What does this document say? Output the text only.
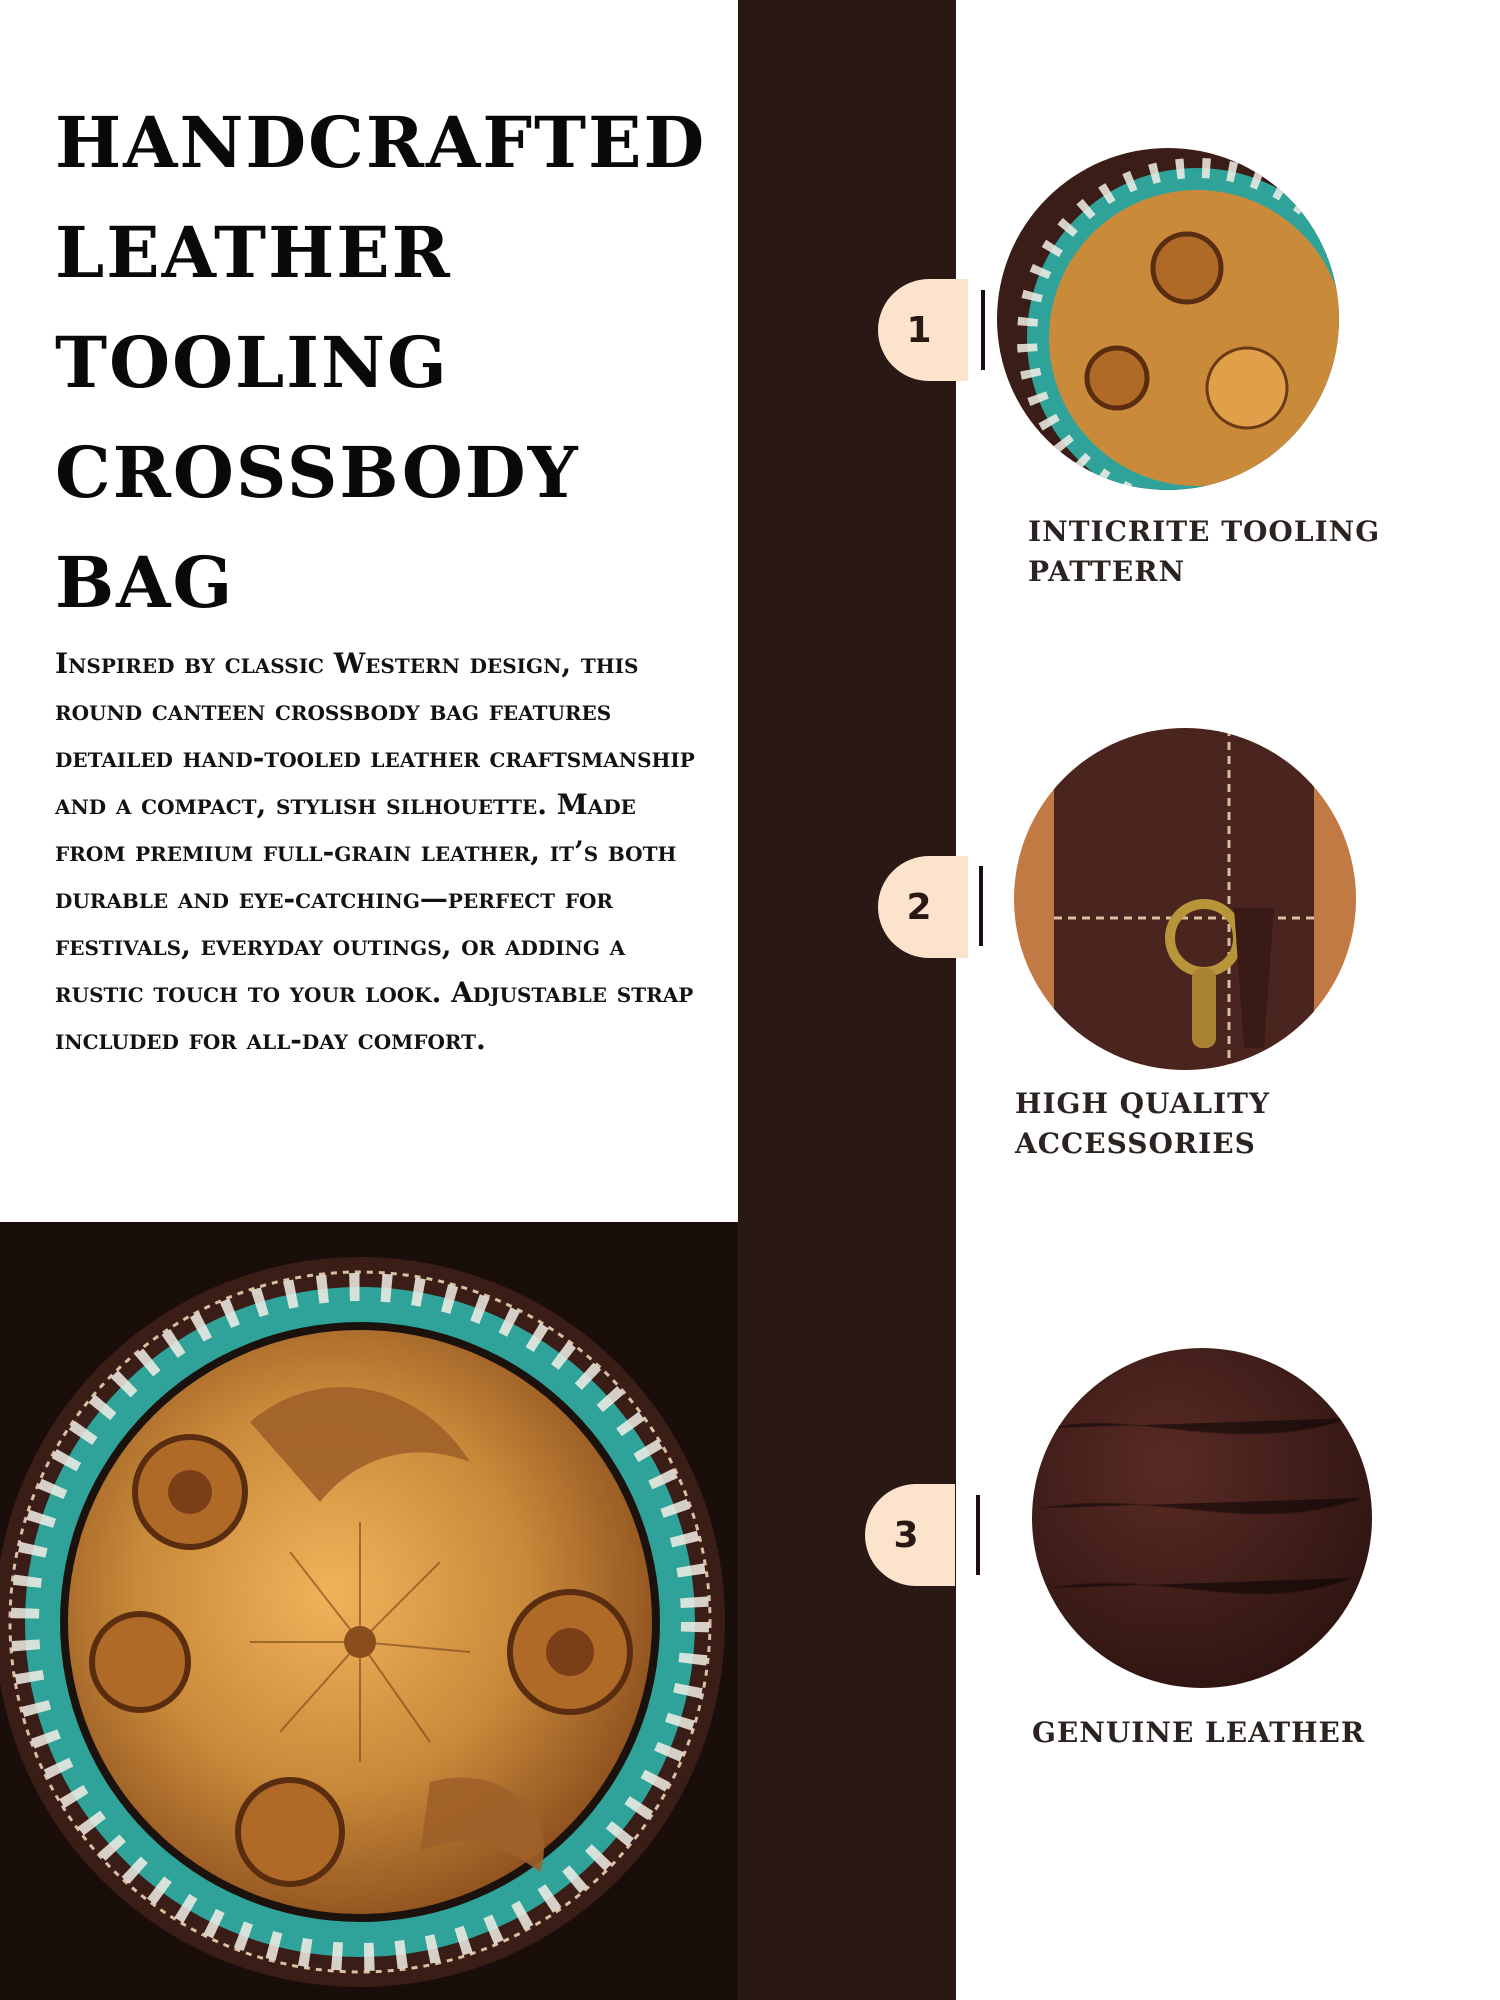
HANDCRAFTED
LEATHER
TOOLING
CROSSBODY
BAG

Inspired by classic Western design, this round canteen crossbody bag features detailed hand-tooled leather craftsmanship and a compact, stylish silhouette. Made from premium full-grain leather, it’s both durable and eye-catching—perfect for festivals, everyday outings, or adding a rustic touch to your look. Adjustable strap included for all-day comfort.

1

INTICRITE TOOLING
PATTERN

2

HIGH QUALITY
ACCESSORIES

3

GENUINE LEATHER
